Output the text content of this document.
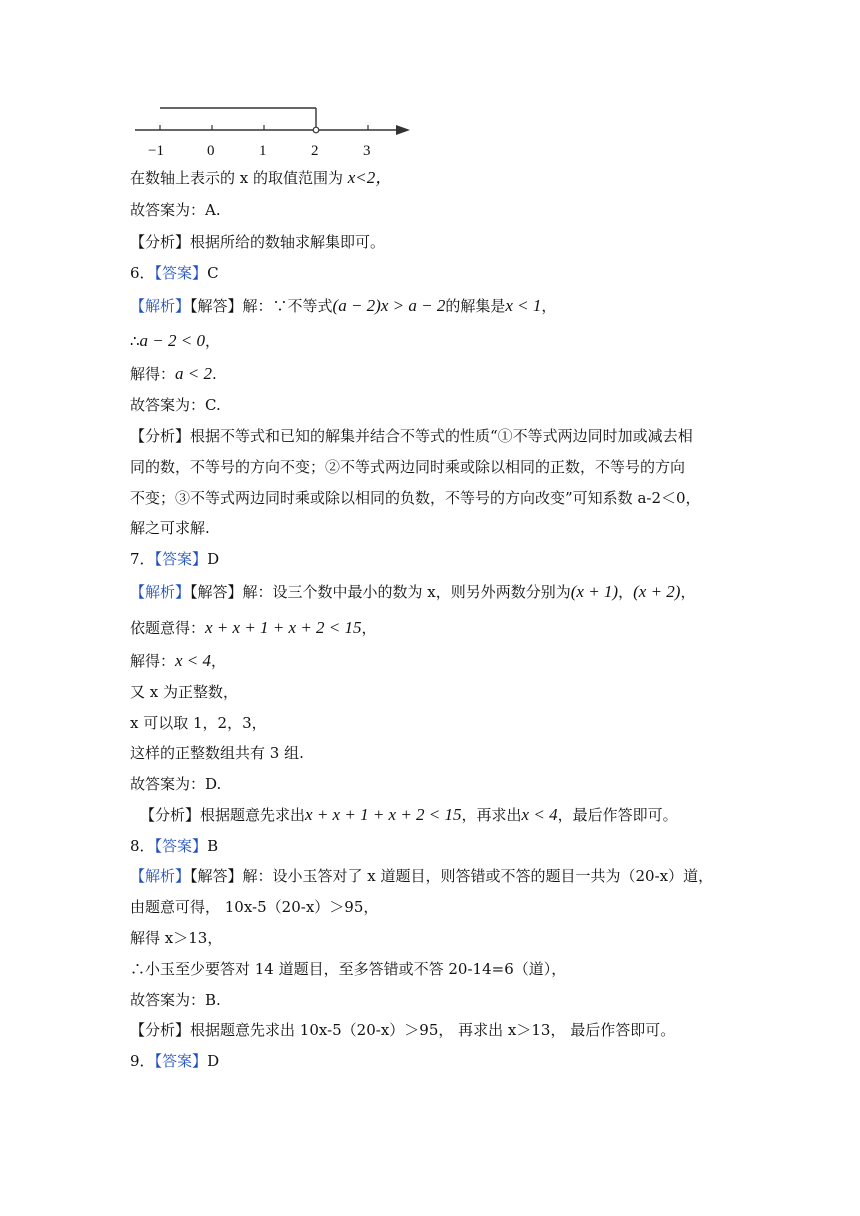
−1	0	1	2	3
在数轴上表示的 x 的取值范围为 x<2，
故答案为：A.
【分析】根据所给的数轴求解集即可。
6．【答案】C
【解析】【解答】解：∵不等式(a − 2)x > a − 2的解集是x < 1，
∴a − 2 < 0，
解得：a < 2.
故答案为：C.
【分析】根据不等式和已知的解集并结合不等式的性质“①不等式两边同时加或减去相
同的数，不等号的方向不变；②不等式两边同时乘或除以相同的正数，不等号的方向
不变；③不等式两边同时乘或除以相同的负数，不等号的方向改变”可知系数 a-2＜0，
解之可求解.
7．【答案】D
【解析】【解答】解：设三个数中最小的数为 x，则另外两数分别为(x + 1)，(x + 2)，
依题意得：x + x + 1 + x + 2 < 15，
解得：x < 4，
又 x 为正整数，
x 可以取 1，2，3，
这样的正整数组共有 3 组.
故答案为：D.
【分析】根据题意先求出x + x + 1 + x + 2 < 15，再求出x < 4，最后作答即可。
8．【答案】B
【解析】【解答】解：设小玉答对了 x 道题目，则答错或不答的题目一共为（20-x）道，
由题意可得， 10x-5（20-x）＞95，
解得 x＞13，
∴小玉至少要答对 14 道题目，至多答错或不答 20-14=6（道），
故答案为：B.
【分析】根据题意先求出 10x-5（20-x）＞95， 再求出 x＞13， 最后作答即可。
9．【答案】D
